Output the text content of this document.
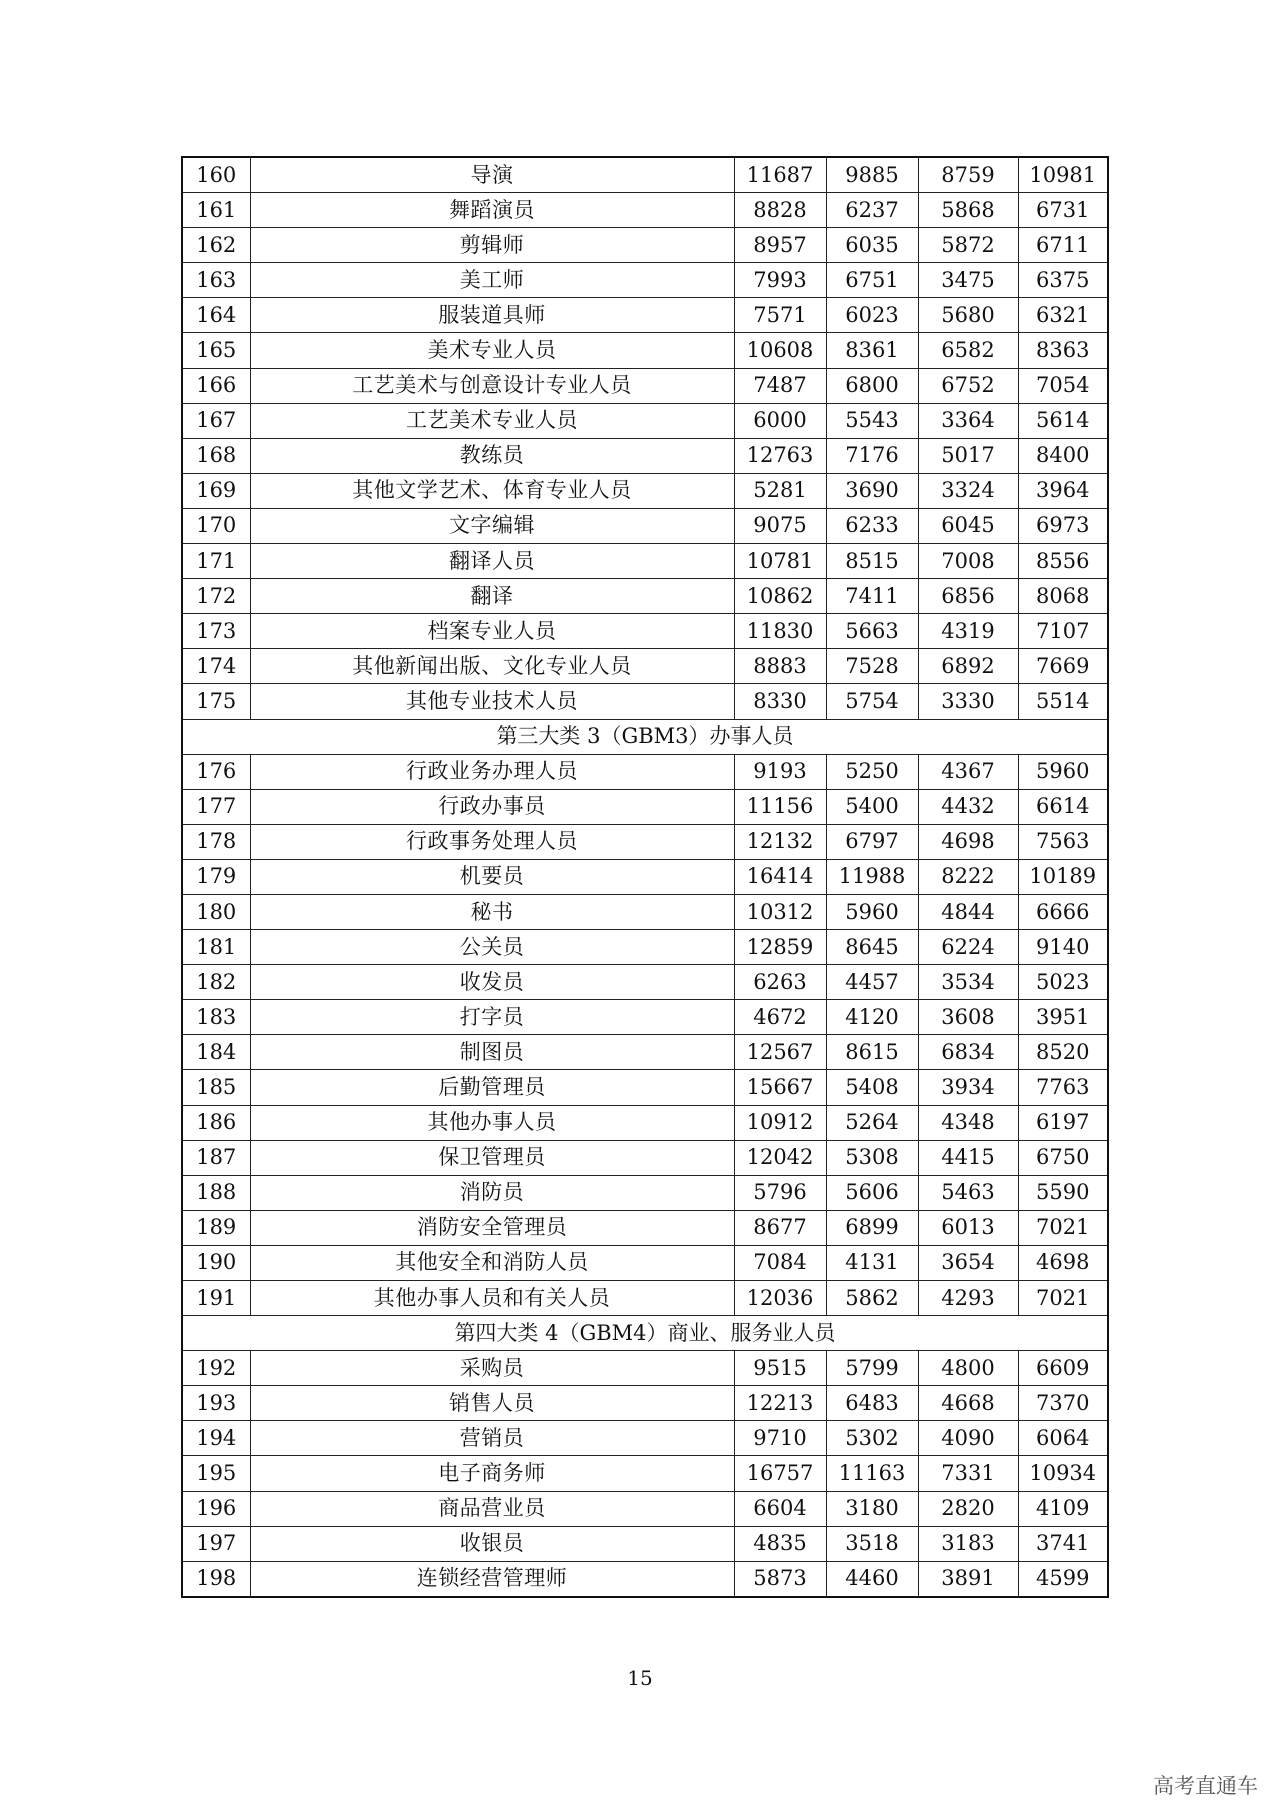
160	导演	11687	9885	8759	10981
161	舞蹈演员	8828	6237	5868	6731
162	剪辑师	8957	6035	5872	6711
163	美工师	7993	6751	3475	6375
164	服装道具师	7571	6023	5680	6321
165	美术专业人员	10608	8361	6582	8363
166	工艺美术与创意设计专业人员	7487	6800	6752	7054
167	工艺美术专业人员	6000	5543	3364	5614
168	教练员	12763	7176	5017	8400
169	其他文学艺术、体育专业人员	5281	3690	3324	3964
170	文字编辑	9075	6233	6045	6973
171	翻译人员	10781	8515	7008	8556
172	翻译	10862	7411	6856	8068
173	档案专业人员	11830	5663	4319	7107
174	其他新闻出版、文化专业人员	8883	7528	6892	7669
175	其他专业技术人员	8330	5754	3330	5514
第三大类 3（GBM3）办事人员					
176	行政业务办理人员	9193	5250	4367	5960
177	行政办事员	11156	5400	4432	6614
178	行政事务处理人员	12132	6797	4698	7563
179	机要员	16414	11988	8222	10189
180	秘书	10312	5960	4844	6666
181	公关员	12859	8645	6224	9140
182	收发员	6263	4457	3534	5023
183	打字员	4672	4120	3608	3951
184	制图员	12567	8615	6834	8520
185	后勤管理员	15667	5408	3934	7763
186	其他办事人员	10912	5264	4348	6197
187	保卫管理员	12042	5308	4415	6750
188	消防员	5796	5606	5463	5590
189	消防安全管理员	8677	6899	6013	7021
190	其他安全和消防人员	7084	4131	3654	4698
191	其他办事人员和有关人员	12036	5862	4293	7021
第四大类 4（GBM4）商业、服务业人员					
192	采购员	9515	5799	4800	6609
193	销售人员	12213	6483	4668	7370
194	营销员	9710	5302	4090	6064
195	电子商务师	16757	11163	7331	10934
196	商品营业员	6604	3180	2820	4109
197	收银员	4835	3518	3183	3741
198	连锁经营管理师	5873	4460	3891	4599
15
高考直通车
